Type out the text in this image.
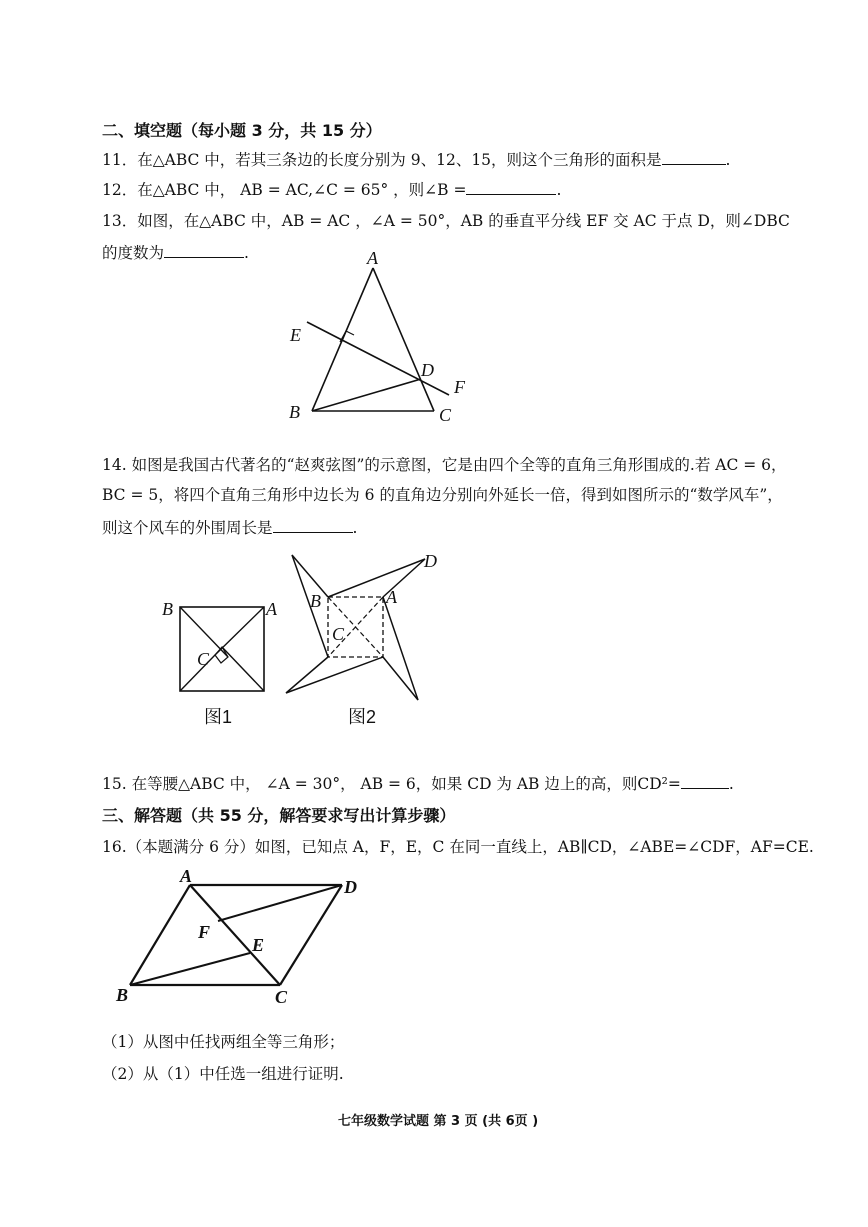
二、填空题（每小题 3 分，共 15 分）
11．在△ABC 中，若其三条边的长度分别为 9、12、15，则这个三角形的面积是	.
12．在△ABC 中， AB = AC,∠C = 65° ，则∠B =	.
13．如图，在△ABC 中，AB = AC ，∠A = 50°，AB 的垂直平分线 EF 交 AC 于点 D，则∠DBC
的度数为	.	A
E
D
F
B	C
14. 如图是我国古代著名的“赵爽弦图”的示意图，它是由四个全等的直角三角形围成的.若 AC = 6，
BC = 5，将四个直角三角形中边长为 6 的直角边分别向外延长一倍，得到如图所示的“数学风车”，
则这个风车的外围周长是	.
B	A
C
图1
D
B	A
C
图2
15. 在等腰△ABC 中， ∠A = 30°， AB = 6，如果 CD 为 AB 边上的高，则CD²=	.
三、解答题（共 55 分，解答要求写出计算步骤）
16.（本题满分 6 分）如图，已知点 A，F，E，C 在同一直线上，AB∥CD，∠ABE=∠CDF，AF=CE.
A
D
F
E
B	C
（1）从图中任找两组全等三角形；
（2）从（1）中任选一组进行证明.
七年级数学试题 第 3 页 (共 6页 )
